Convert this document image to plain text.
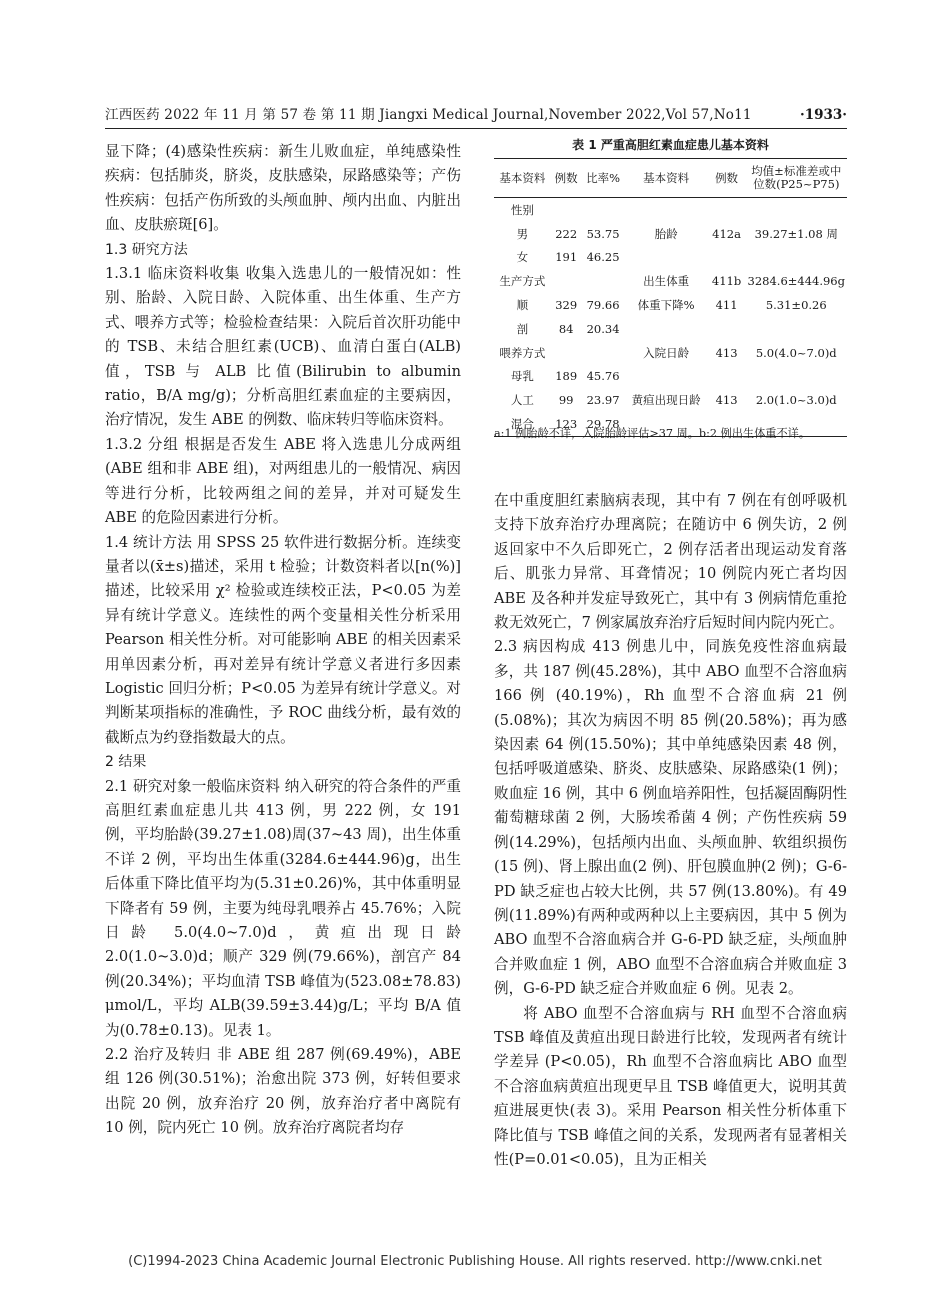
江西医药 2022 年 11 月 第 57 卷 第 11 期 Jiangxi Medical Journal,November 2022,Vol 57,No11	·1933·

显下降；(4)感染性疾病：新生儿败血症，单纯感染性疾病：包括肺炎，脐炎，皮肤感染，尿路感染等；产伤性疾病：包括产伤所致的头颅血肿、颅内出血、内脏出血、皮肤瘀斑[6]。

1.3 研究方法

1.3.1 临床资料收集 收集入选患儿的一般情况如：性别、胎龄、入院日龄、入院体重、出生体重、生产方式、喂养方式等；检验检查结果：入院后首次肝功能中的 TSB、未结合胆红素(UCB)、血清白蛋白(ALB)值，TSB 与 ALB 比值(Bilirubin to albumin ratio，B/A mg/g)；分析高胆红素血症的主要病因，治疗情况，发生 ABE 的例数、临床转归等临床资料。

1.3.2 分组 根据是否发生 ABE 将入选患儿分成两组(ABE 组和非 ABE 组)，对两组患儿的一般情况、病因等进行分析，比较两组之间的差异，并对可疑发生 ABE 的危险因素进行分析。

1.4 统计方法 用 SPSS 25 软件进行数据分析。连续变量者以(x̄±s)描述，采用 t 检验；计数资料者以[n(%)]描述，比较采用 χ² 检验或连续校正法，P<0.05 为差异有统计学意义。连续性的两个变量相关性分析采用 Pearson 相关性分析。对可能影响 ABE 的相关因素采用单因素分析，再对差异有统计学意义者进行多因素 Logistic 回归分析；P<0.05 为差异有统计学意义。对判断某项指标的准确性，予 ROC 曲线分析，最有效的截断点为约登指数最大的点。

2 结果

2.1 研究对象一般临床资料 纳入研究的符合条件的严重高胆红素血症患儿共 413 例，男 222 例，女 191 例，平均胎龄(39.27±1.08)周(37~43 周)，出生体重不详 2 例，平均出生体重(3284.6±444.96)g，出生后体重下降比值平均为(5.31±0.26)%，其中体重明显下降者有 59 例，主要为纯母乳喂养占 45.76%；入院日龄 5.0(4.0~7.0)d，黄疸出现日龄 2.0(1.0~3.0)d；顺产 329 例(79.66%)，剖宫产 84 例(20.34%)；平均血清 TSB 峰值为(523.08±78.83) μmol/L，平均 ALB(39.59±3.44)g/L；平均 B/A 值为(0.78±0.13)。见表 1。

2.2 治疗及转归 非 ABE 组 287 例(69.49%)，ABE 组 126 例(30.51%)；治愈出院 373 例，好转但要求出院 20 例，放弃治疗 20 例，放弃治疗者中离院有 10 例，院内死亡 10 例。放弃治疗离院者均存

表 1 严重高胆红素血症患儿基本资料
基本资料	例数	比率%	基本资料	例数	均值±标准差或中位数(P25~P75)
性别					
男	222	53.75	胎龄	412a	39.27±1.08 周
女	191	46.25			
生产方式			出生体重	411b	3284.6±444.96g
顺	329	79.66	体重下降%	411	5.31±0.26
剖	84	20.34			
喂养方式			入院日龄	413	5.0(4.0~7.0)d
母乳	189	45.76			
人工	99	23.97	黄疸出现日龄	413	2.0(1.0~3.0)d
混合	123	29.78			
a:1 例胎龄不详，入院胎龄评估>37 周。b:2 例出生体重不详。

在中重度胆红素脑病表现，其中有 7 例在有创呼吸机支持下放弃治疗办理离院；在随访中 6 例失访，2 例返回家中不久后即死亡，2 例存活者出现运动发育落后、肌张力异常、耳聋情况；10 例院内死亡者均因 ABE 及各种并发症导致死亡，其中有 3 例病情危重抢救无效死亡，7 例家属放弃治疗后短时间内院内死亡。

2.3 病因构成 413 例患儿中，同族免疫性溶血病最多，共 187 例(45.28%)，其中 ABO 血型不合溶血病 166 例 (40.19%)，Rh 血型不合溶血病 21 例(5.08%)；其次为病因不明 85 例(20.58%)；再为感染因素 64 例(15.50%)；其中单纯感染因素 48 例，包括呼吸道感染、脐炎、皮肤感染、尿路感染(1 例)；败血症 16 例，其中 6 例血培养阳性，包括凝固酶阴性葡萄糖球菌 2 例，大肠埃希菌 4 例；产伤性疾病 59 例(14.29%)，包括颅内出血、头颅血肿、软组织损伤(15 例)、肾上腺出血(2 例)、肝包膜血肿(2 例)；G-6-PD 缺乏症也占较大比例，共 57 例(13.80%)。有 49 例(11.89%)有两种或两种以上主要病因，其中 5 例为 ABO 血型不合溶血病合并 G-6-PD 缺乏症，头颅血肿合并败血症 1 例，ABO 血型不合溶血病合并败血症 3 例，G-6-PD 缺乏症合并败血症 6 例。见表 2。

将 ABO 血型不合溶血病与 RH 血型不合溶血病 TSB 峰值及黄疸出现日龄进行比较，发现两者有统计学差异 (P<0.05)，Rh 血型不合溶血病比 ABO 血型不合溶血病黄疸出现更早且 TSB 峰值更大，说明其黄疸进展更快(表 3)。采用 Pearson 相关性分析体重下降比值与 TSB 峰值之间的关系，发现两者有显著相关性(P=0.01<0.05)，且为正相关

(C)1994-2023 China Academic Journal Electronic Publishing House. All rights reserved. http://www.cnki.net
